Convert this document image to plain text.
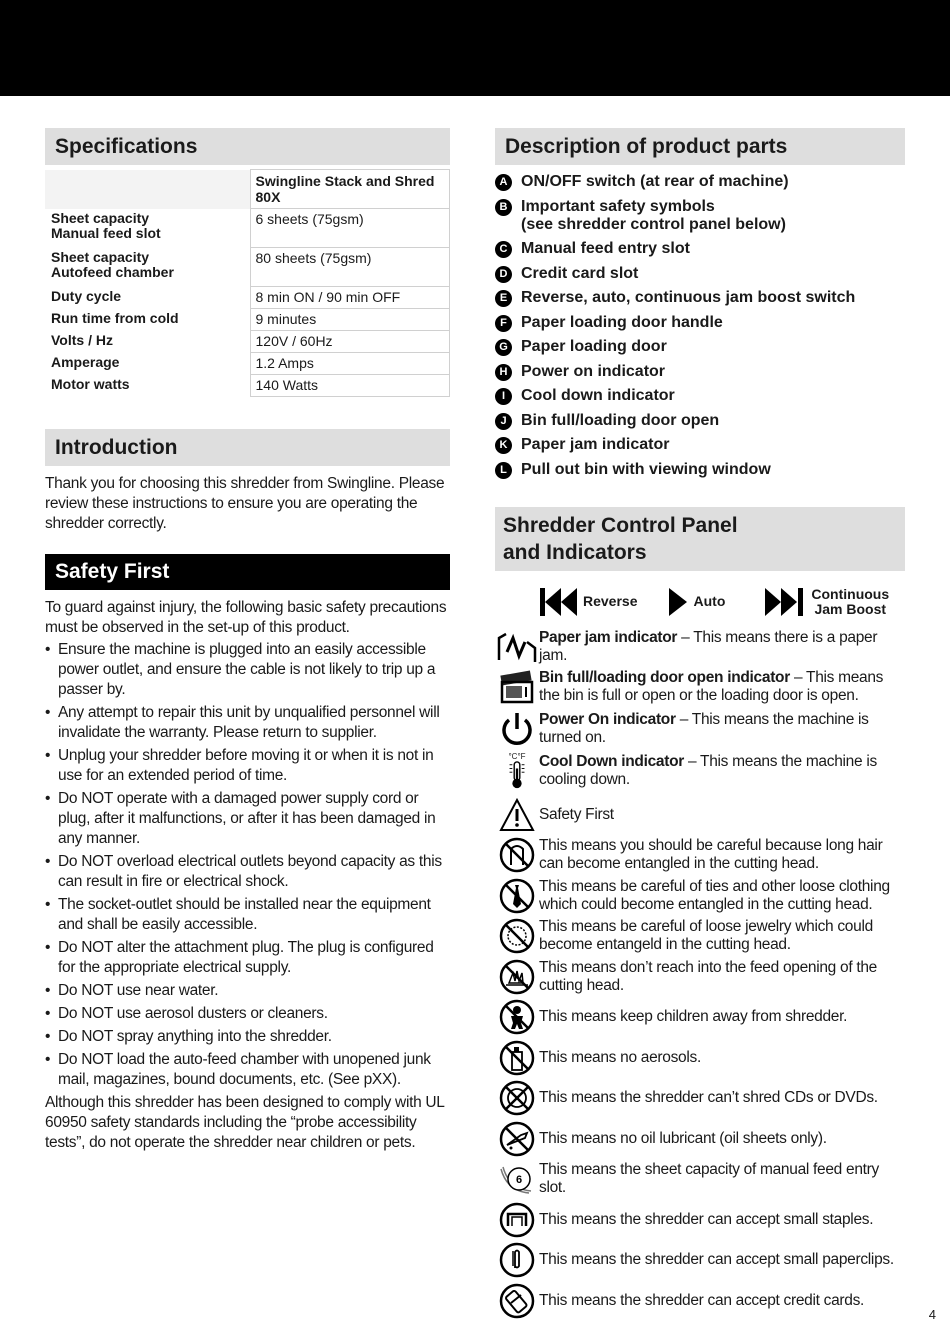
Specifications
	Swingline Stack and Shred 80X
Sheet capacity
Manual feed slot	6 sheets (75gsm)
Sheet capacity
Autofeed chamber	80 sheets (75gsm)
Duty cycle	8 min ON / 90 min OFF
Run time from cold	9 minutes
Volts / Hz	120V / 60Hz
Amperage	1.2 Amps
Motor watts	140 Watts
Introduction

Thank you for choosing this shredder from Swingline. Please review these instructions to ensure you are operating the shredder correctly.

Safety First

To guard against injury, the following basic safety precautions must be observed in the set-up of this product.

• Ensure the machine is plugged into an easily accessible power outlet, and ensure the cable is not likely to trip up a passer by.
• Any attempt to repair this unit by unqualified personnel will invalidate the warranty. Please return to supplier.
• Unplug your shredder before moving it or when it is not in use for an extended period of time.
• Do NOT operate with a damaged power supply cord or plug, after it malfunctions, or after it has been damaged in any manner.
• Do NOT overload electrical outlets beyond capacity as this can result in fire or electrical shock.
• The socket-outlet should be installed near the equipment and shall be easily accessible.
• Do NOT alter the attachment plug. The plug is configured for the appropriate electrical supply.
• Do NOT use near water.
• Do NOT use aerosol dusters or cleaners.
• Do NOT spray anything into the shredder.
• Do NOT load the auto-feed chamber with unopened junk mail, magazines, bound documents, etc. (See pXX).

Although this shredder has been designed to comply with UL 60950 safety standards including the “probe accessibility tests”, do not operate the shredder near children or pets.

Description of product parts
A ON/OFF switch (at rear of machine)
B Important safety symbols
(see shredder control panel below)
C Manual feed entry slot
D Credit card slot
E Reverse, auto, continuous jam boost switch
F Paper loading door handle
G Paper loading door
H Power on indicator
I Cool down indicator
J Bin full/loading door open
K Paper jam indicator
L Pull out bin with viewing window
Shredder Control Panel
and Indicators
Reverse	Auto	Continuous
Jam Boost
Paper jam indicator – This means there is a paper jam.
Bin full/loading door open indicator – This means the bin is full or open or the loading door is open.
Power On indicator – This means the machine is turned on.
°C°F Cool Down indicator – This means the machine is cooling down.
Safety First
This means you should be careful because long hair can become entangled in the cutting head.
This means be careful of ties and other loose clothing which could become entangled in the cutting head.
This means be careful of loose jewelry which could become entangeld in the cutting head.
This means don’t reach into the feed opening of the cutting head.
This means keep children away from shredder.
This means no aerosols.
This means the shredder can’t shred CDs or DVDs.
This means no oil lubricant (oil sheets only).
6
This means the sheet capacity of manual feed entry slot.
This means the shredder can accept small staples.
This means the shredder can accept small paperclips.
This means the shredder can accept credit cards.
4
